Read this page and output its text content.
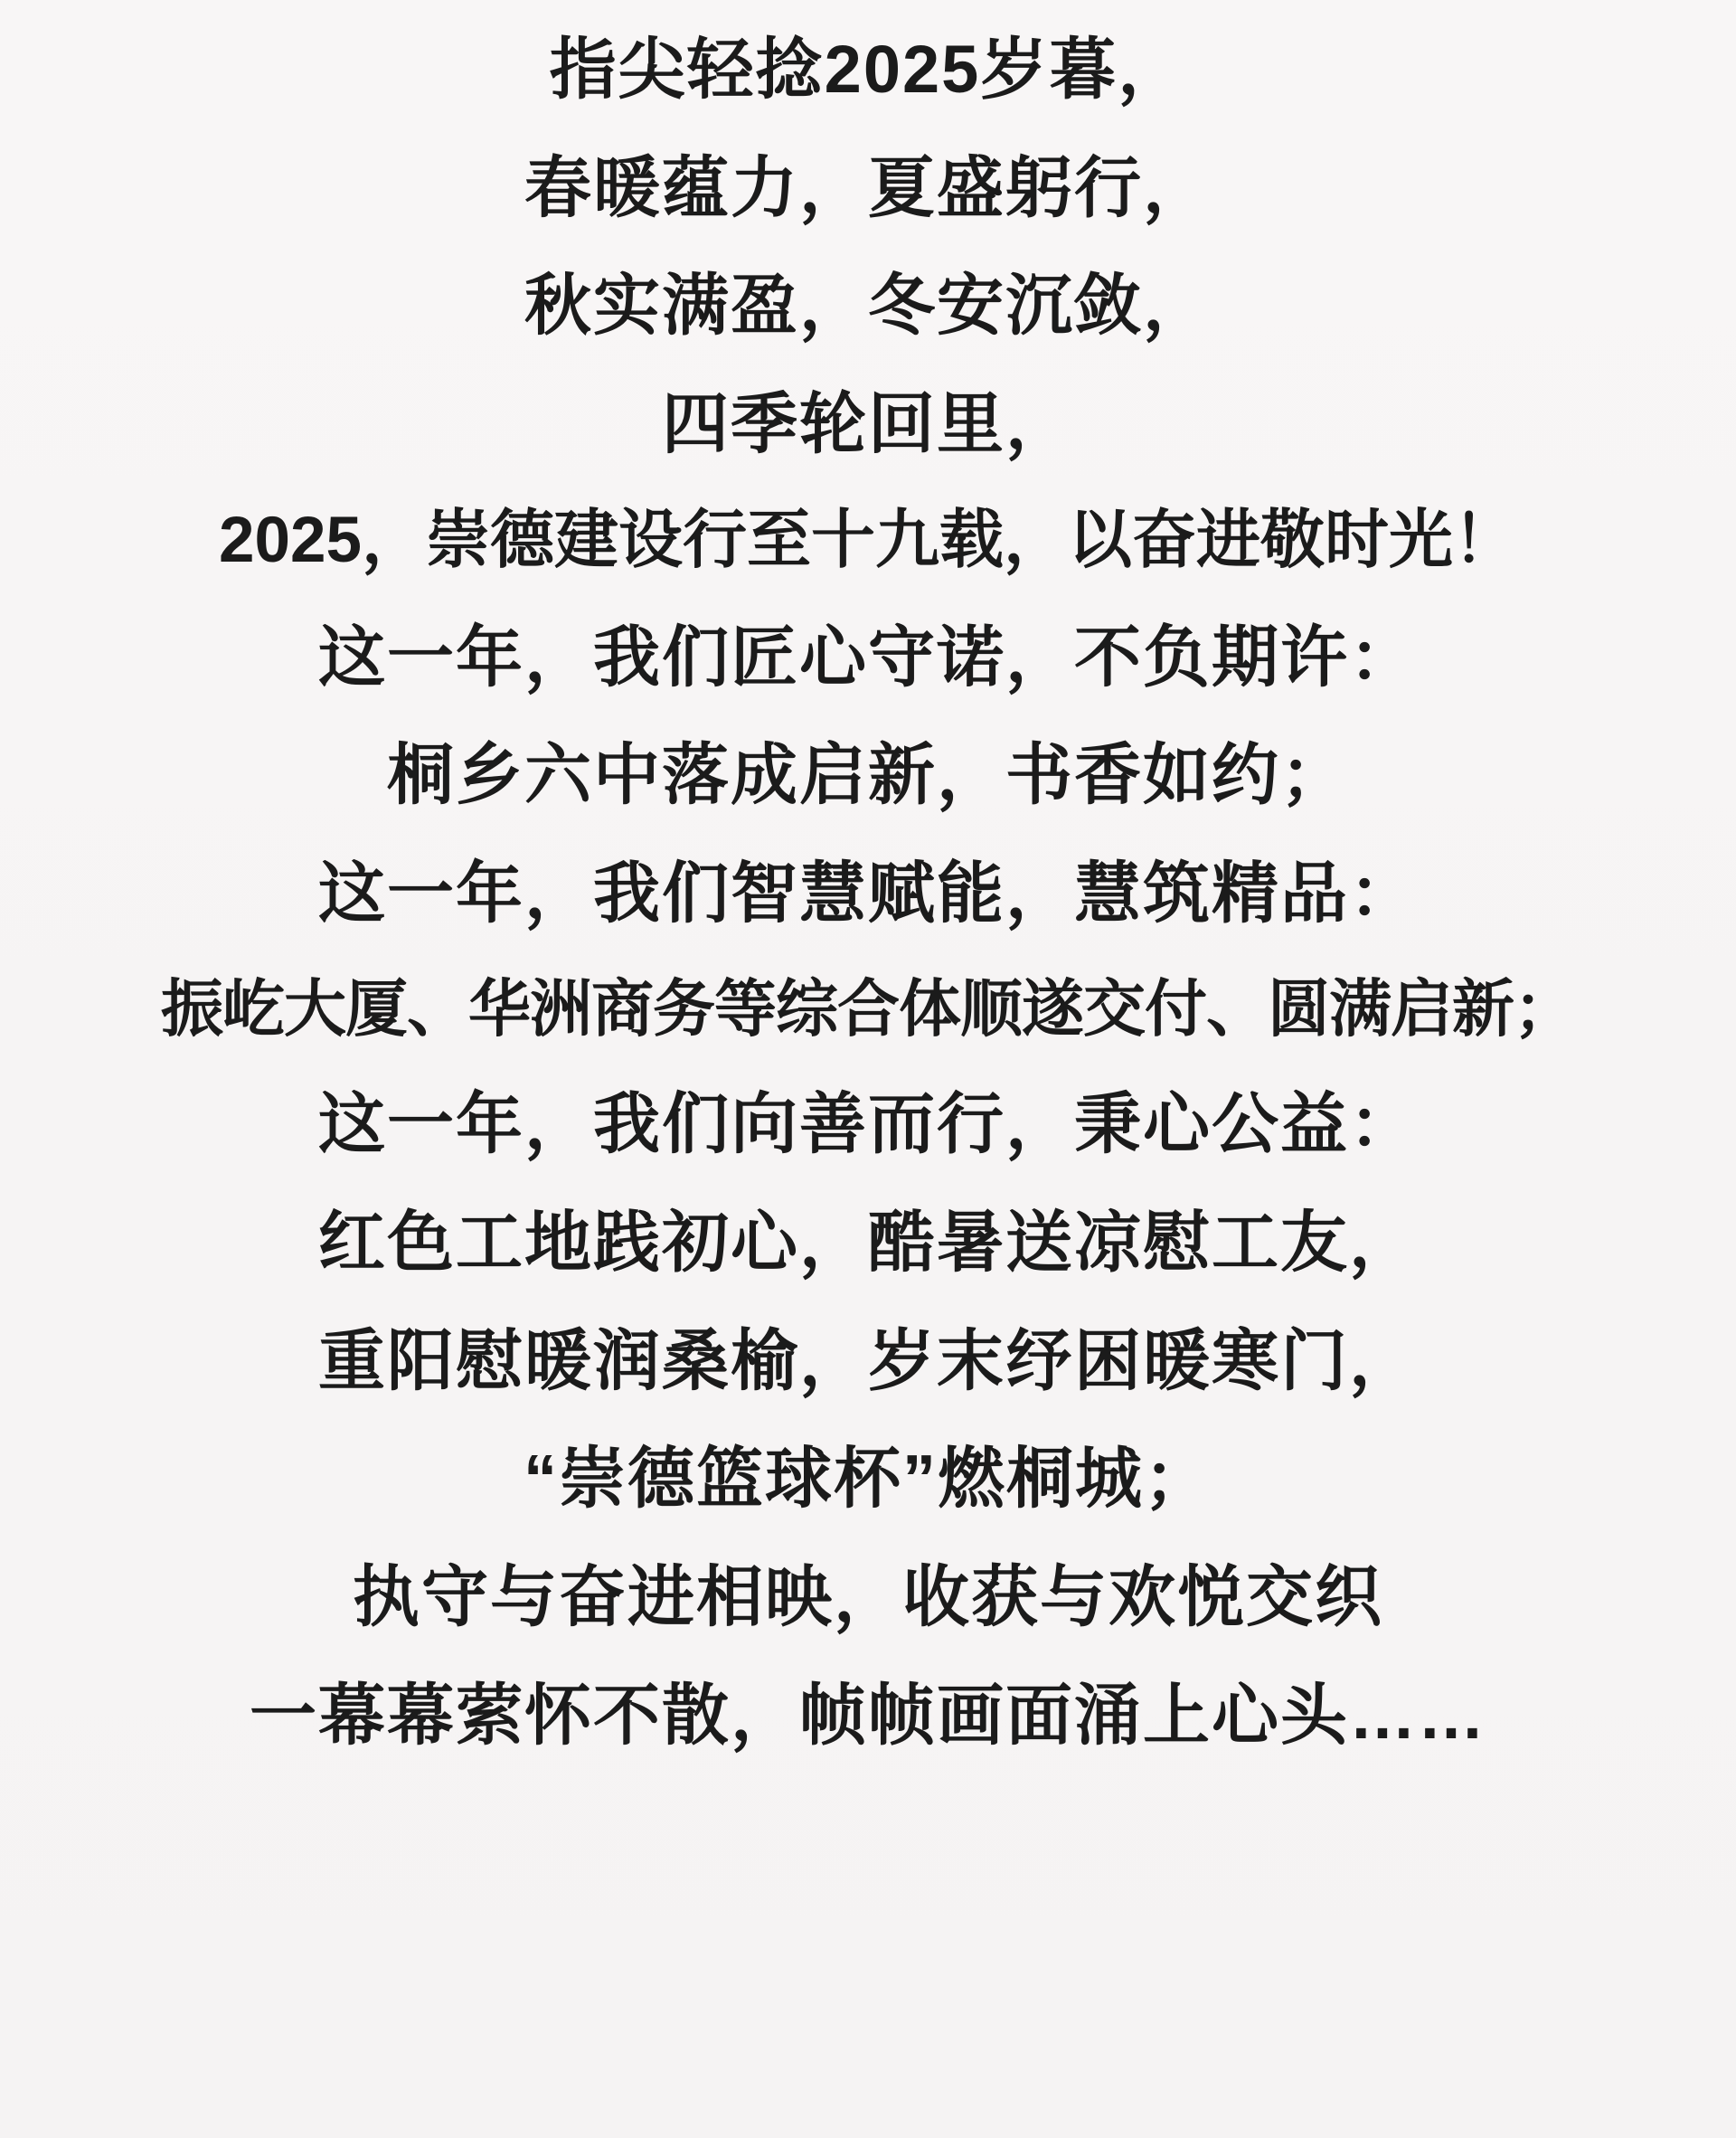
指尖轻捻2025岁暮，

春暖蕴力，夏盛躬行，

秋实满盈，冬安沉敛，

四季轮回里，

2025，崇德建设行至十九载，以奋进敬时光！

这一年，我们匠心守诺，不负期许：

桐乡六中落成启新，书香如约；

这一年，我们智慧赋能，慧筑精品：

振屹大厦、华洲商务等综合体顺遂交付、圆满启新；

这一年，我们向善而行，秉心公益：

红色工地践初心，酷暑送凉慰工友，

重阳慰暖润桑榆，岁末纾困暖寒门，

“崇德篮球杯”燃桐城；

执守与奋进相映，收获与欢悦交织

一幕幕萦怀不散，帧帧画面涌上心头……
